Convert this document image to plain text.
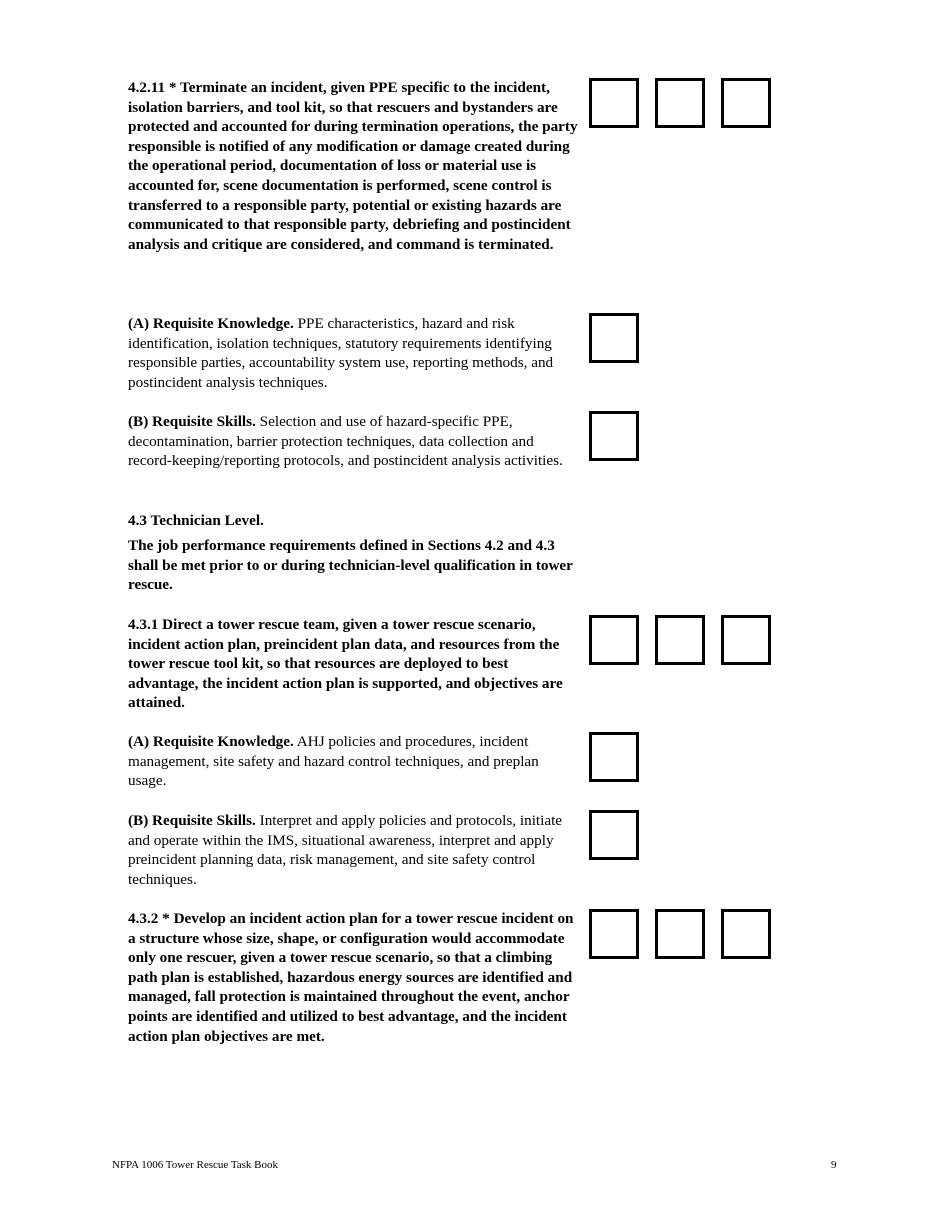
4.2.11 * Terminate an incident, given PPE specific to the incident, isolation barriers, and tool kit, so that rescuers and bystanders are protected and accounted for during termination operations, the party responsible is notified of any modification or damage created during the operational period, documentation of loss or material use is accounted for, scene documentation is performed, scene control is transferred to a responsible party, potential or existing hazards are communicated to that responsible party, debriefing and postincident analysis and critique are considered, and command is terminated.

(A) Requisite Knowledge. PPE characteristics, hazard and risk identification, isolation techniques, statutory requirements identifying responsible parties, accountability system use, reporting methods, and postincident analysis techniques.

(B) Requisite Skills. Selection and use of hazard-specific PPE, decontamination, barrier protection techniques, data collection and record-keeping/reporting protocols, and postincident analysis activities.

4.3 Technician Level.

The job performance requirements defined in Sections 4.2 and 4.3 shall be met prior to or during technician-level qualification in tower rescue.

4.3.1 Direct a tower rescue team, given a tower rescue scenario, incident action plan, preincident plan data, and resources from the tower rescue tool kit, so that resources are deployed to best advantage, the incident action plan is supported, and objectives are attained.

(A) Requisite Knowledge. AHJ policies and procedures, incident management, site safety and hazard control techniques, and preplan usage.

(B) Requisite Skills. Interpret and apply policies and protocols, initiate and operate within the IMS, situational awareness, interpret and apply preincident planning data, risk management, and site safety control techniques.

4.3.2 * Develop an incident action plan for a tower rescue incident on a structure whose size, shape, or configuration would accommodate only one rescuer, given a tower rescue scenario, so that a climbing path plan is established, hazardous energy sources are identified and managed, fall protection is maintained throughout the event, anchor points are identified and utilized to best advantage, and the incident action plan objectives are met.

NFPA 1006 Tower Rescue Task Book	9
